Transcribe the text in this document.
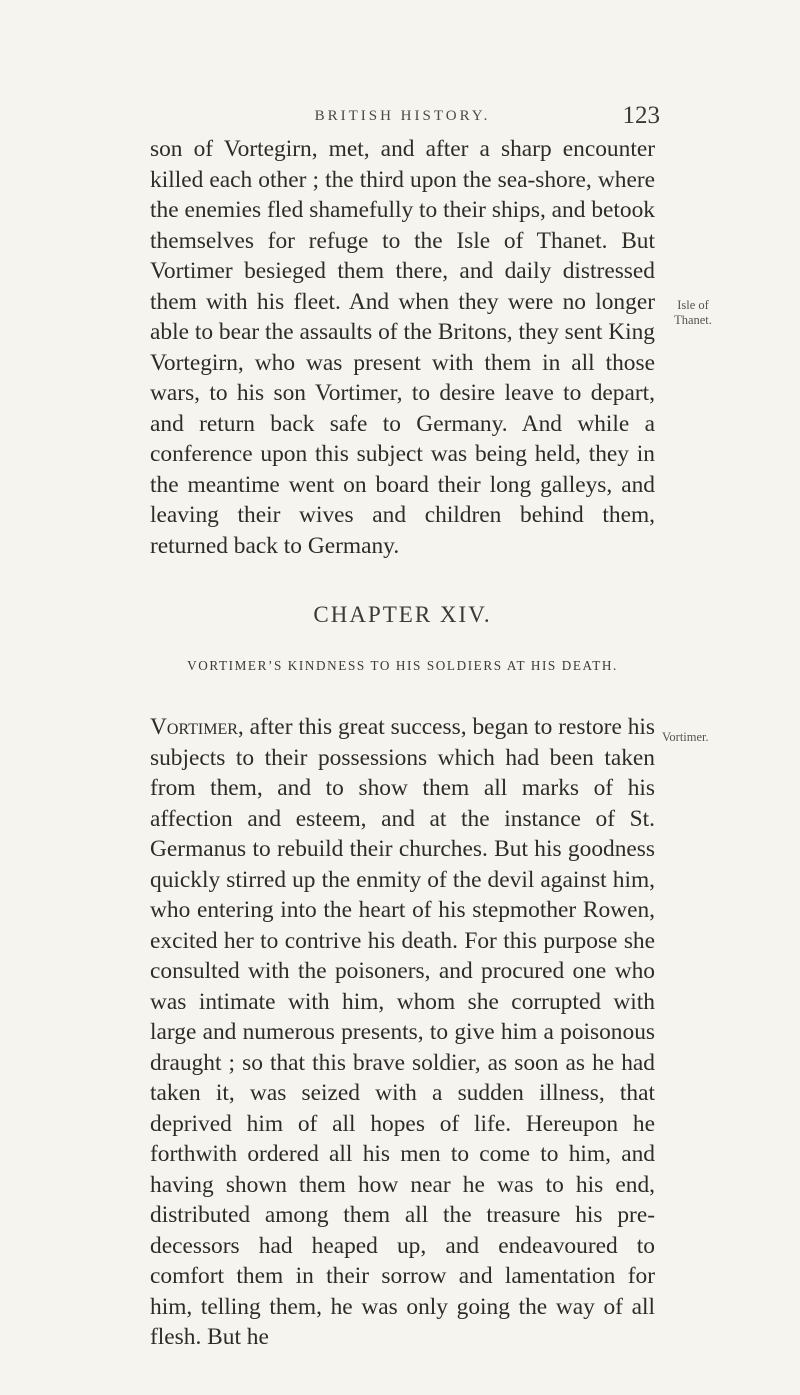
BRITISH HISTORY.	123

son of Vortegirn, met, and after a sharp encounter killed each other ; the third upon the sea-shore, where the enemies fled shamefully to their ships, and betook themselves for refuge to the Isle of Thanet. But Vortimer besieged them there, and daily distressed them with his fleet. And when they were no longer able to bear the assaults of the Britons, they sent King Vortegirn, who was present with them in all those wars, to his son Vortimer, to desire leave to depart, and return back safe to Germany. And while a conference upon this subject was being held, they in the meantime went on board their long galleys, and leaving their wives and children behind them, returned back to Germany.

Isle of
Thanet.
CHAPTER XIV.
VORTIMER’S KINDNESS TO HIS SOLDIERS AT HIS DEATH.
Vortimer.

Vortimer, after this great success, began to restore his subjects to their possessions which had been taken from them, and to show them all marks of his affection and esteem, and at the instance of St. Germanus to rebuild their churches. But his goodness quickly stirred up the enmity of the devil against him, who entering into the heart of his stepmother Rowen, excited her to contrive his death. For this purpose she consulted with the poisoners, and procured one who was intimate with him, whom she corrupted with large and numerous presents, to give him a poisonous draught ; so that this brave soldier, as soon as he had taken it, was seized with a sudden illness, that deprived him of all hopes of life. Hereupon he forthwith ordered all his men to come to him, and having shown them how near he was to his end, distributed among them all the treasure his predecessors had heaped up, and endeavoured to comfort them in their sorrow and lamentation for him, telling them, he was only going the way of all flesh. But he
